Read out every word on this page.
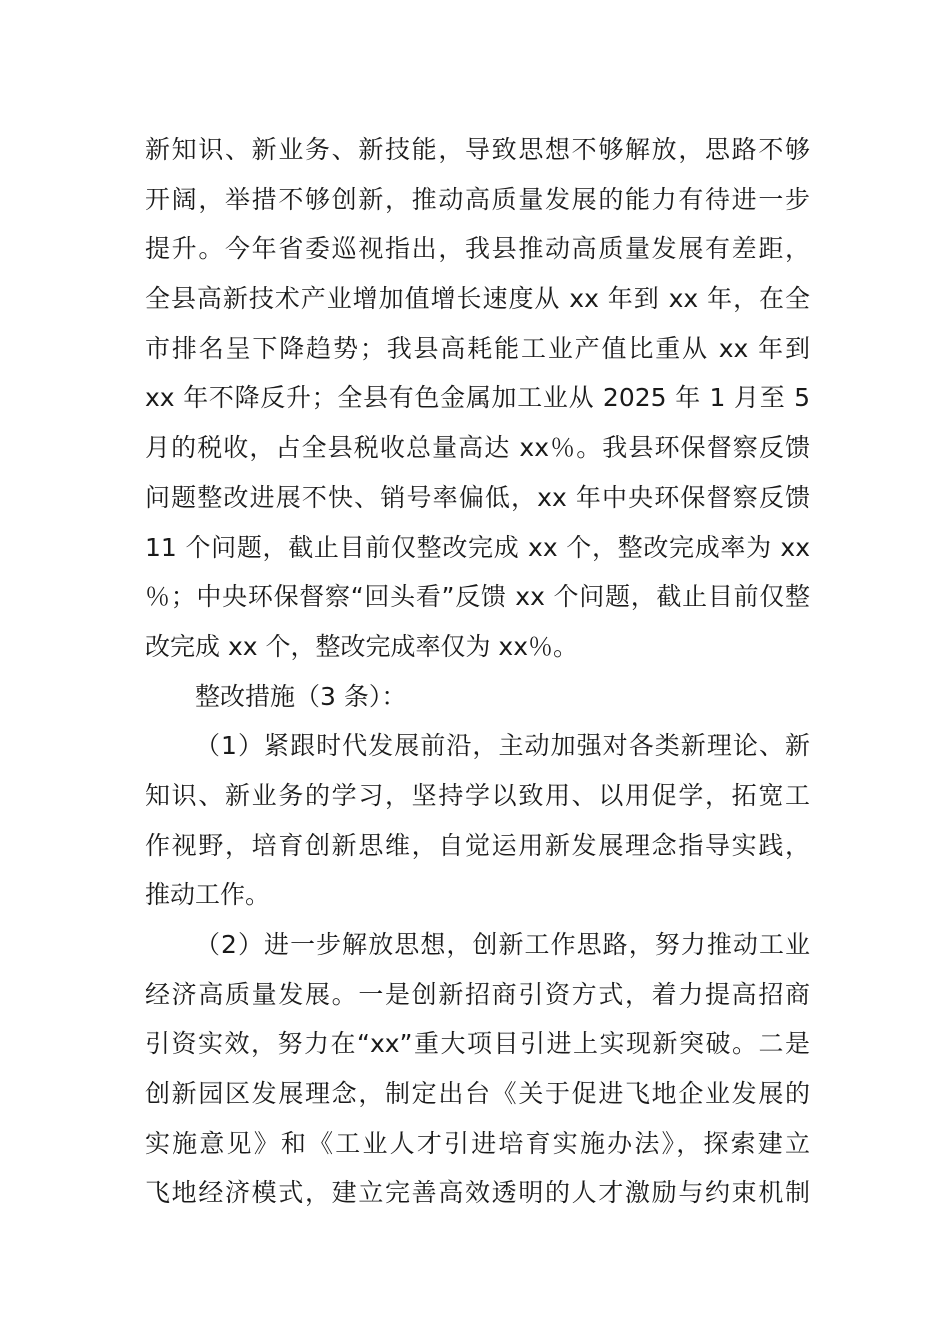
新知识、新业务、新技能，导致思想不够解放，思路不够
开阔，举措不够创新，推动高质量发展的能力有待进一步
提升。今年省委巡视指出，我县推动高质量发展有差距，
全县高新技术产业增加值增长速度从 xx 年到 xx 年，在全
市排名呈下降趋势；我县高耗能工业产值比重从 xx 年到
xx 年不降反升；全县有色金属加工业从 2025 年 1 月至 5
月的税收，占全县税收总量高达 xx％。我县环保督察反馈
问题整改进展不快、销号率偏低，xx 年中央环保督察反馈
11 个问题，截止目前仅整改完成 xx 个，整改完成率为 xx
％；中央环保督察“回头看”反馈 xx 个问题，截止目前仅整
改完成 xx 个，整改完成率仅为 xx％。
整改措施（3 条）：
（1）紧跟时代发展前沿，主动加强对各类新理论、新
知识、新业务的学习，坚持学以致用、以用促学，拓宽工
作视野，培育创新思维，自觉运用新发展理念指导实践，
推动工作。
（2）进一步解放思想，创新工作思路，努力推动工业
经济高质量发展。一是创新招商引资方式，着力提高招商
引资实效，努力在“xx”重大项目引进上实现新突破。二是
创新园区发展理念，制定出台《关于促进飞地企业发展的
实施意见》和《工业人才引进培育实施办法》，探索建立
飞地经济模式，建立完善高效透明的人才激励与约束机制
